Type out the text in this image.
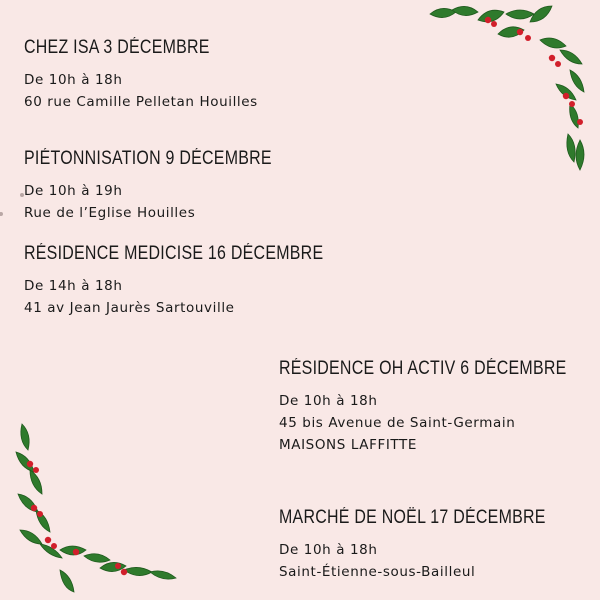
CHEZ ISA 3 DÉCEMBRE
De 10h à 18h
60 rue Camille Pelletan Houilles
PIÉTONNISATION 9 DÉCEMBRE
De 10h à 19h
Rue de l’Eglise Houilles
RÉSIDENCE MEDICISE 16 DÉCEMBRE
De 14h à 18h
41 av Jean Jaurès Sartouville
RÉSIDENCE OH ACTIV 6 DÉCEMBRE
De 10h à 18h
45 bis Avenue de Saint-Germain
MAISONS LAFFITTE
MARCHÉ DE NOËL 17 DÉCEMBRE
De 10h à 18h
Saint-Étienne-sous-Bailleul
